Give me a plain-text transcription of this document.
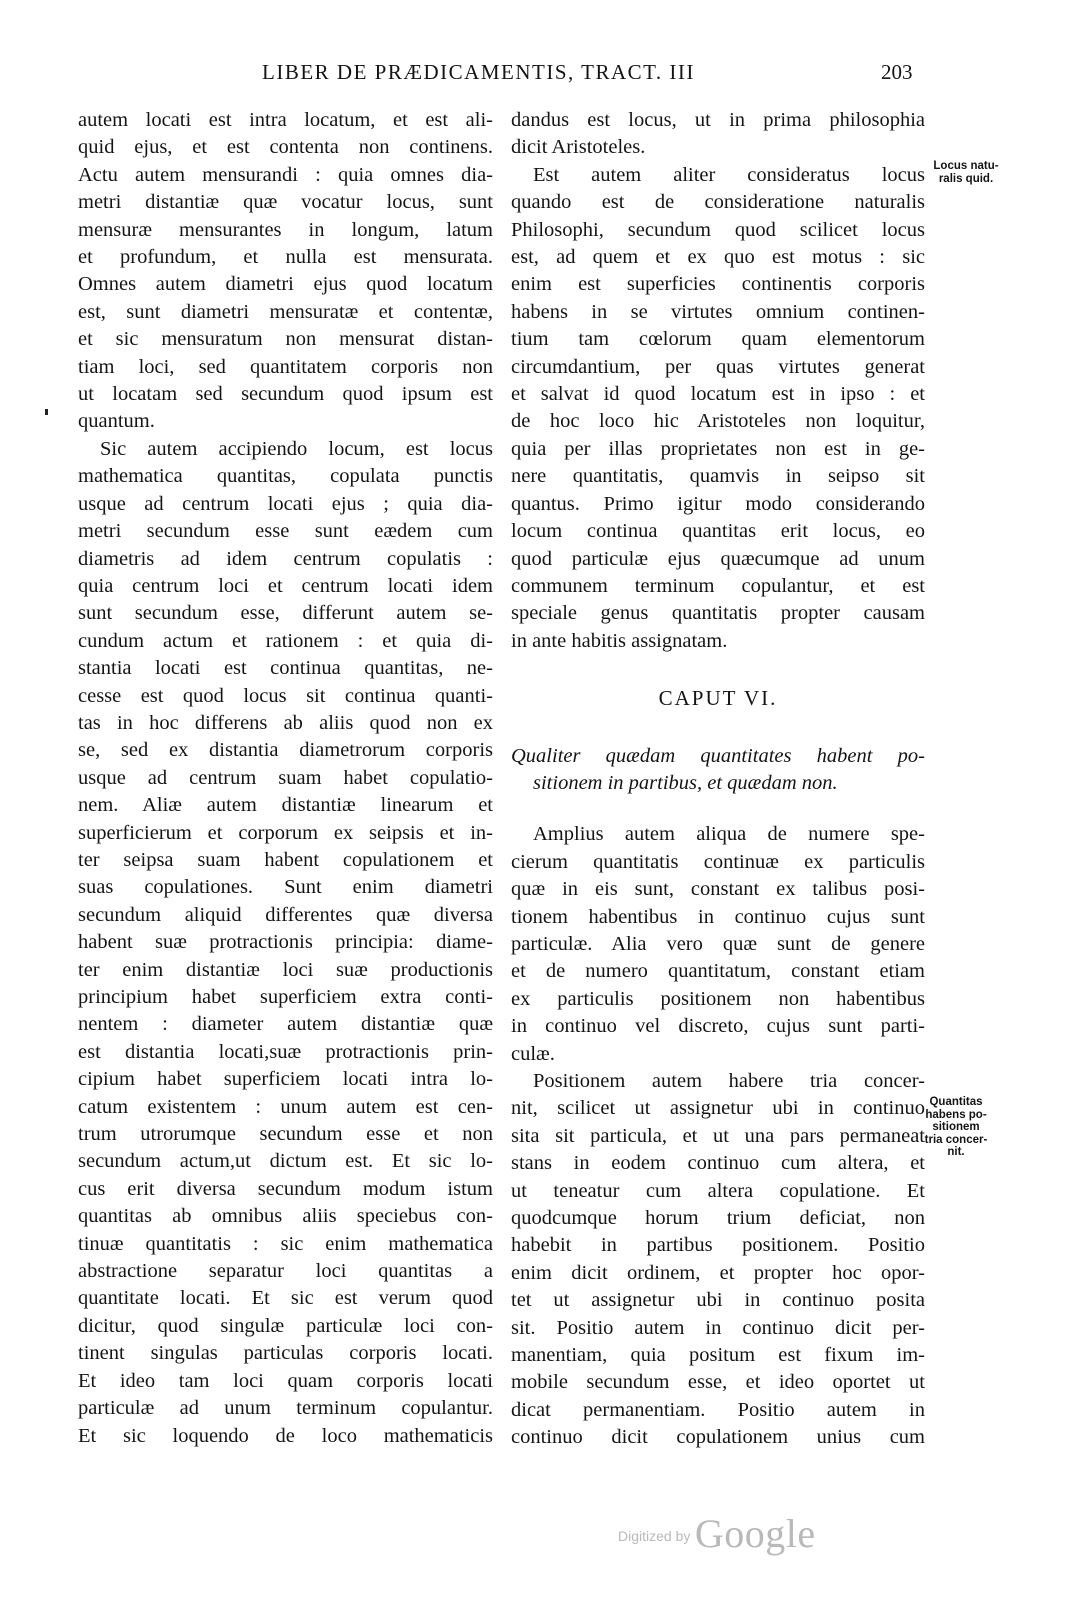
LIBER DE PRÆDICAMENTIS, TRACT. III	203
autem locati est intra locatum, et est ali-
quid ejus, et est contenta non continens.
Actu autem mensurandi : quia omnes dia-
metri distantiæ quæ vocatur locus, sunt
mensuræ mensurantes in longum, latum
et profundum, et nulla est mensurata.
Omnes autem diametri ejus quod locatum
est, sunt diametri mensuratæ et contentæ,
et sic mensuratum non mensurat distan-
tiam loci, sed quantitatem corporis non
ut locatam sed secundum quod ipsum est
quantum.
Sic autem accipiendo locum, est locus
mathematica quantitas, copulata punctis
usque ad centrum locati ejus ; quia dia-
metri secundum esse sunt eædem cum
diametris ad idem centrum copulatis :
quia centrum loci et centrum locati idem
sunt secundum esse, differunt autem se-
cundum actum et rationem : et quia di-
stantia locati est continua quantitas, ne-
cesse est quod locus sit continua quanti-
tas in hoc differens ab aliis quod non ex
se, sed ex distantia diametrorum corporis
usque ad centrum suam habet copulatio-
nem. Aliæ autem distantiæ linearum et
superficierum et corporum ex seipsis et in-
ter seipsa suam habent copulationem et
suas copulationes. Sunt enim diametri
secundum aliquid differentes quæ diversa
habent suæ protractionis principia: diame-
ter enim distantiæ loci suæ productionis
principium habet superficiem extra conti-
nentem : diameter autem distantiæ quæ
est distantia locati,suæ protractionis prin-
cipium habet superficiem locati intra lo-
catum existentem : unum autem est cen-
trum utrorumque secundum esse et non
secundum actum,ut dictum est. Et sic lo-
cus erit diversa secundum modum istum
quantitas ab omnibus aliis speciebus con-
tinuæ quantitatis : sic enim mathematica
abstractione separatur loci quantitas a
quantitate locati. Et sic est verum quod
dicitur, quod singulæ particulæ loci con-
tinent singulas particulas corporis locati.
Et ideo tam loci quam corporis locati
particulæ ad unum terminum copulantur.
Et sic loquendo de loco mathematicis
dandus est locus, ut in prima philosophia
dicit Aristoteles.
Est autem aliter consideratus locus
quando est de consideratione naturalis
Philosophi, secundum quod scilicet locus
est, ad quem et ex quo est motus : sic
enim est superficies continentis corporis
habens in se virtutes omnium continen-
tium tam cœlorum quam elementorum
circumdantium, per quas virtutes generat
et salvat id quod locatum est in ipso : et
de hoc loco hic Aristoteles non loquitur,
quia per illas proprietates non est in ge-
nere quantitatis, quamvis in seipso sit
quantus. Primo igitur modo considerando
locum continua quantitas erit locus, eo
quod particulæ ejus quæcumque ad unum
communem terminum copulantur, et est
speciale genus quantitatis propter causam
in ante habitis assignatam.
CAPUT VI.
Qualiter quædam quantitates habent po-
sitionem in partibus, et quædam non.
Amplius autem aliqua de numere spe-
cierum quantitatis continuæ ex particulis
quæ in eis sunt, constant ex talibus posi-
tionem habentibus in continuo cujus sunt
particulæ. Alia vero quæ sunt de genere
et de numero quantitatum, constant etiam
ex particulis positionem non habentibus
in continuo vel discreto, cujus sunt parti-
culæ.
Positionem autem habere tria concer-
nit, scilicet ut assignetur ubi in continuo
sita sit particula, et ut una pars permaneat
stans in eodem continuo cum altera, et
ut teneatur cum altera copulatione. Et
quodcumque horum trium deficiat, non
habebit in partibus positionem. Positio
enim dicit ordinem, et propter hoc opor-
tet ut assignetur ubi in continuo posita
sit. Positio autem in continuo dicit per-
manentiam, quia positum est fixum im-
mobile secundum esse, et ideo oportet ut
dicat permanentiam. Positio autem in
continuo dicit copulationem unius cum
Locus natu-
ralis quid.
Quantitas
habens po-
sitionem
tria concer-
nit.
Digitized by Google
